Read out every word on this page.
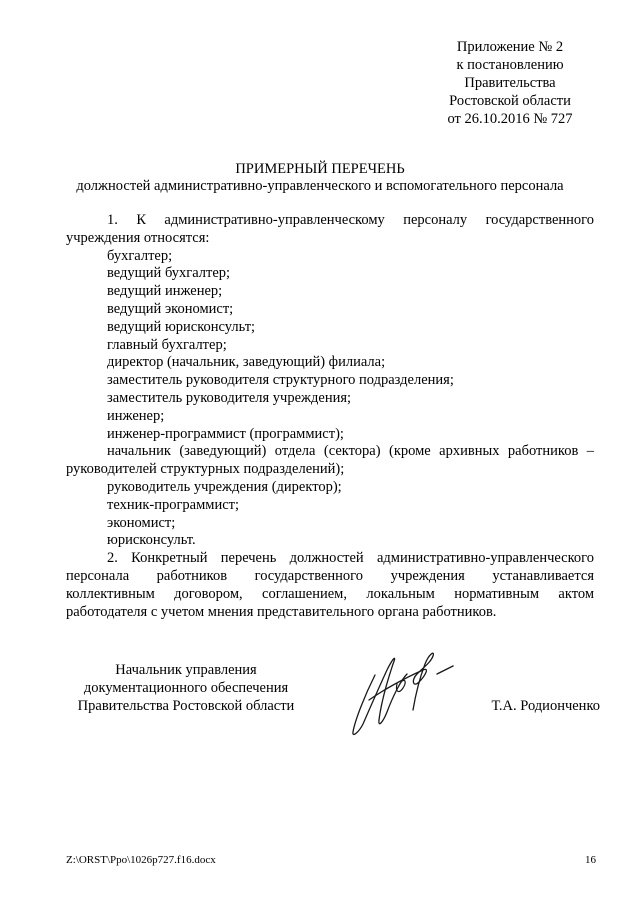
Приложение № 2
к постановлению
Правительства
Ростовской области
от 26.10.2016 № 727
ПРИМЕРНЫЙ ПЕРЕЧЕНЬ
должностей административно-управленческого и вспомогательного персонала
1. К административно-управленческому персоналу государственного
учреждения относятся:
бухгалтер;
ведущий бухгалтер;
ведущий инженер;
ведущий экономист;
ведущий юрисконсульт;
главный бухгалтер;
директор (начальник, заведующий) филиала;
заместитель руководителя структурного подразделения;
заместитель руководителя учреждения;
инженер;
инженер-программист (программист);
начальник (заведующий) отдела (сектора) (кроме архивных работников –
руководителей структурных подразделений);
руководитель учреждения (директор);
техник-программист;
экономист;
юрисконсульт.
2. Конкретный перечень должностей административно-управленческого
персонала работников государственного учреждения устанавливается
коллективным договором, соглашением, локальным нормативным актом
работодателя с учетом мнения представительного органа работников.
Начальник управления
документационного обеспечения
Правительства Ростовской области	Т.А. Родионченко
Z:\ORST\Ppo\1026p727.f16.docx	16
